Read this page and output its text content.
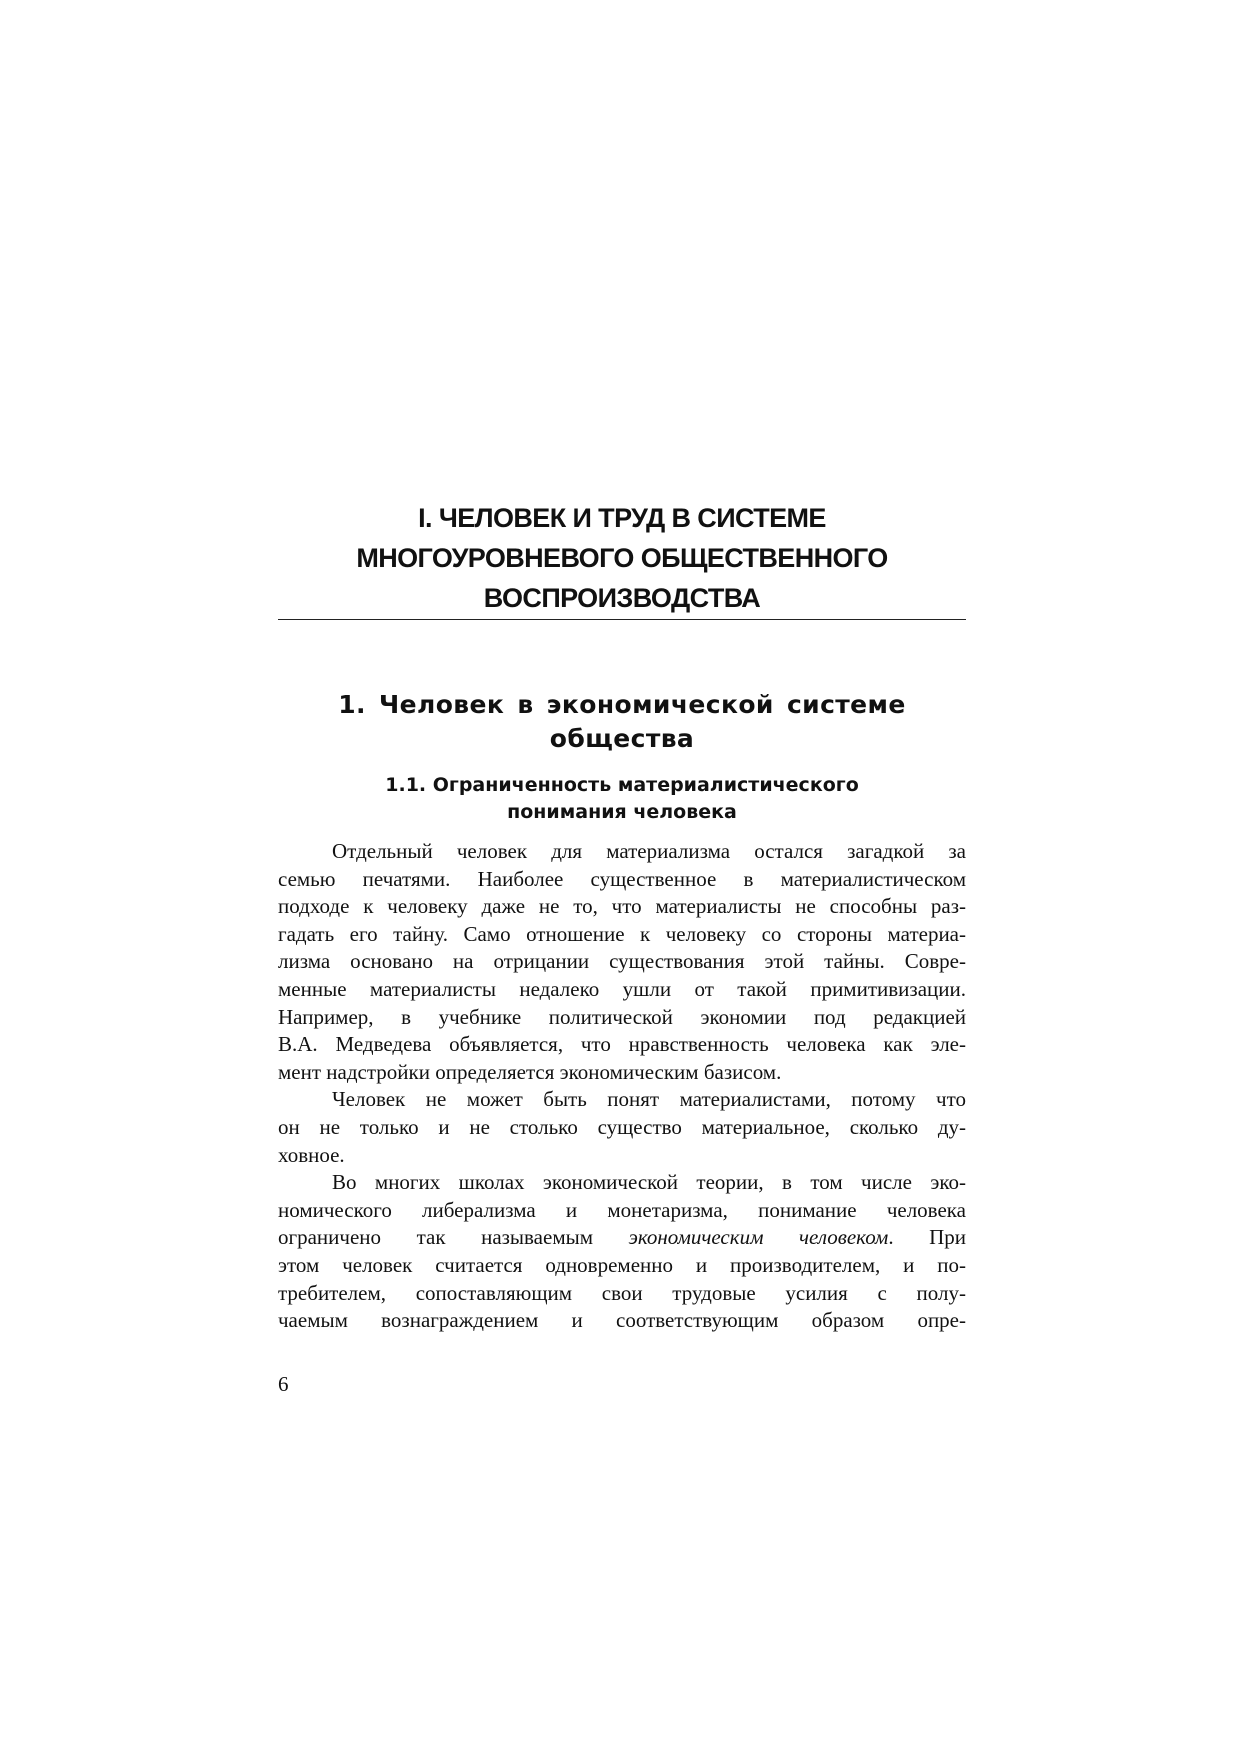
I. ЧЕЛОВЕК И ТРУД В СИСТЕМЕ
МНОГОУРОВНЕВОГО ОБЩЕСТВЕННОГО
ВОСПРОИЗВОДСТВА
1. Человек в экономической системе общества
1.1. Ограниченность материалистического
понимания человека

Отдельный человек для материализма остался загадкой за
семью печатями. Наиболее существенное в материалистическом
подходе к человеку даже не то, что материалисты не способны раз-
гадать его тайну. Само отношение к человеку со стороны материа-
лизма основано на отрицании существования этой тайны. Совре-
менные материалисты недалеко ушли от такой примитивизации.
Например, в учебнике политической экономии под редакцией
В.А. Медведева объявляется, что нравственность человека как эле-
мент надстройки определяется экономическим базисом.

Человек не может быть понят материалистами, потому что
он не только и не столько существо материальное, сколько ду-
ховное.

Во многих школах экономической теории, в том числе эко-
номического либерализма и монетаризма, понимание человека
ограничено так называемым экономическим человеком. При
этом человек считается одновременно и производителем, и по-
требителем, сопоставляющим свои трудовые усилия с полу-
чаемым вознаграждением и соответствующим образом опре-

6
